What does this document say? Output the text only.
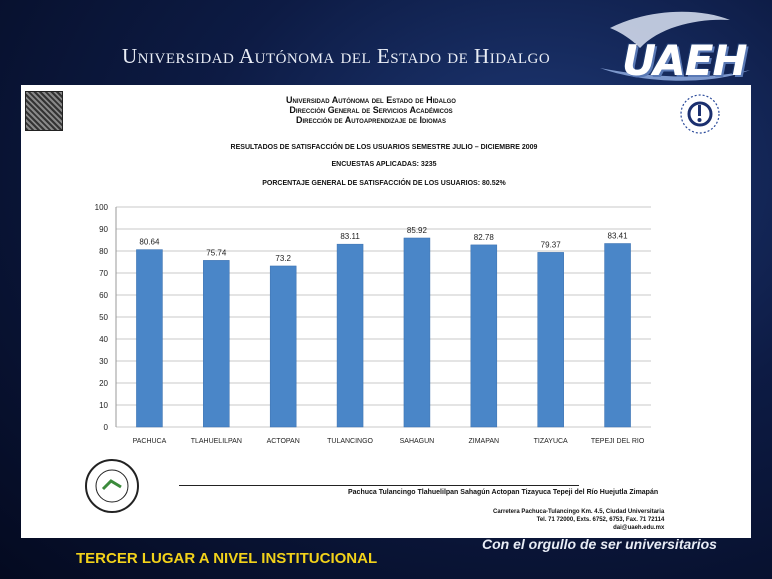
Universidad Autónoma del Estado de Hidalgo	UAEH
Universidad Autónoma del Estado de Hidalgo
Dirección General de Servicios Académicos
Dirección de Autoaprendizaje de Idiomas
RESULTADOS DE SATISFACCIÓN DE LOS USUARIOS SEMESTRE JULIO – DICIEMBRE 2009
ENCUESTAS APLICADAS: 3235
PORCENTAJE GENERAL DE SATISFACCIÓN DE LOS USUARIOS: 80.52%
0
10
20
30
40
50
60
70
80
90
100
80.64
PACHUCA
75.74
TLAHUELILPAN
73.2
ACTOPAN
83.11
TULANCINGO
85.92
SAHAGUN
82.78
ZIMAPAN
79.37
TIZAYUCA
83.41
TEPEJI DEL RIO
Pachuca Tulancingo Tlahuelilpan Sahagún Actopan Tizayuca Tepeji del Río Huejutla Zimapán
Carretera Pachuca-Tulancingo Km. 4.5, Ciudad Universitaria
Tel. 71 72000, Exts. 6752, 6753, Fax. 71 72114
dai@uaeh.edu.mx
TERCER LUGAR A NIVEL INSTITUCIONAL
Con el orgullo de ser universitarios
